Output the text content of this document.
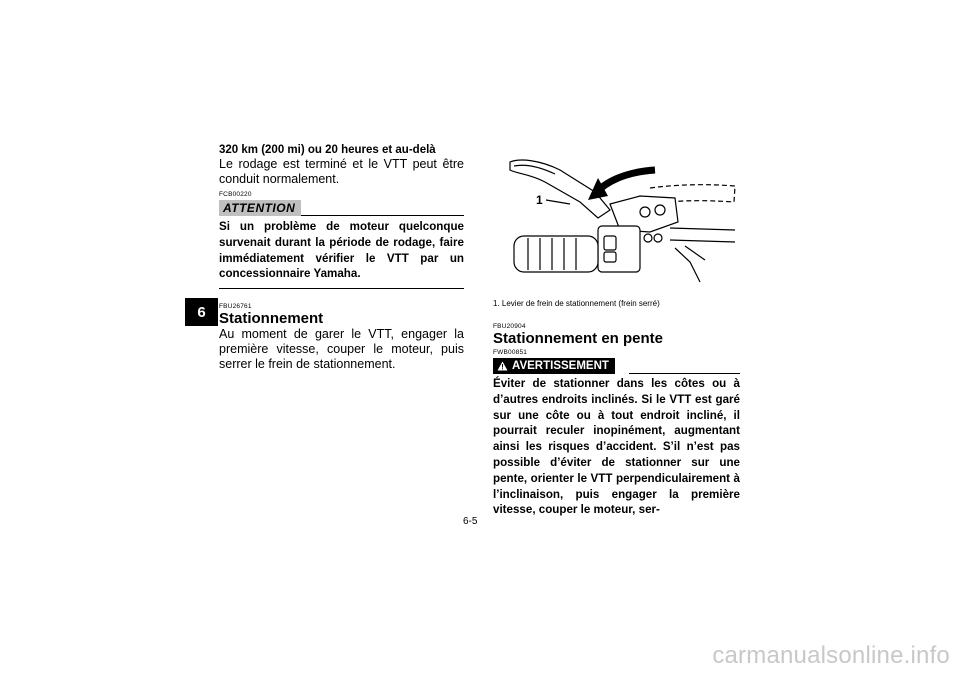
6
320 km (200 mi) ou 20 heures et au-delà
Le rodage est terminé et le VTT peut être conduit normalement.
FCB00220
ATTENTION
Si un problème de moteur quelconque survenait durant la période de rodage, faire immédiatement vérifier le VTT par un concessionnaire Yamaha.
FBU26761
Stationnement
Au moment de garer le VTT, engager la première vitesse, couper le moteur, puis serrer le frein de stationnement.
1
1. Levier de frein de stationnement (frein serré)
FBU20904
Stationnement en pente
FWB00851
AVERTISSEMENT
Éviter de stationner dans les côtes ou à d’autres endroits inclinés. Si le VTT est garé sur une côte ou à tout endroit incliné, il pourrait reculer inopinément, augmentant ainsi les risques d’accident. S’il n’est pas possible d’éviter de stationner sur une pente, orienter le VTT perpendiculairement à l’inclinaison, puis engager la première vitesse, couper le moteur, ser-
6-5
carmanualsonline.info
